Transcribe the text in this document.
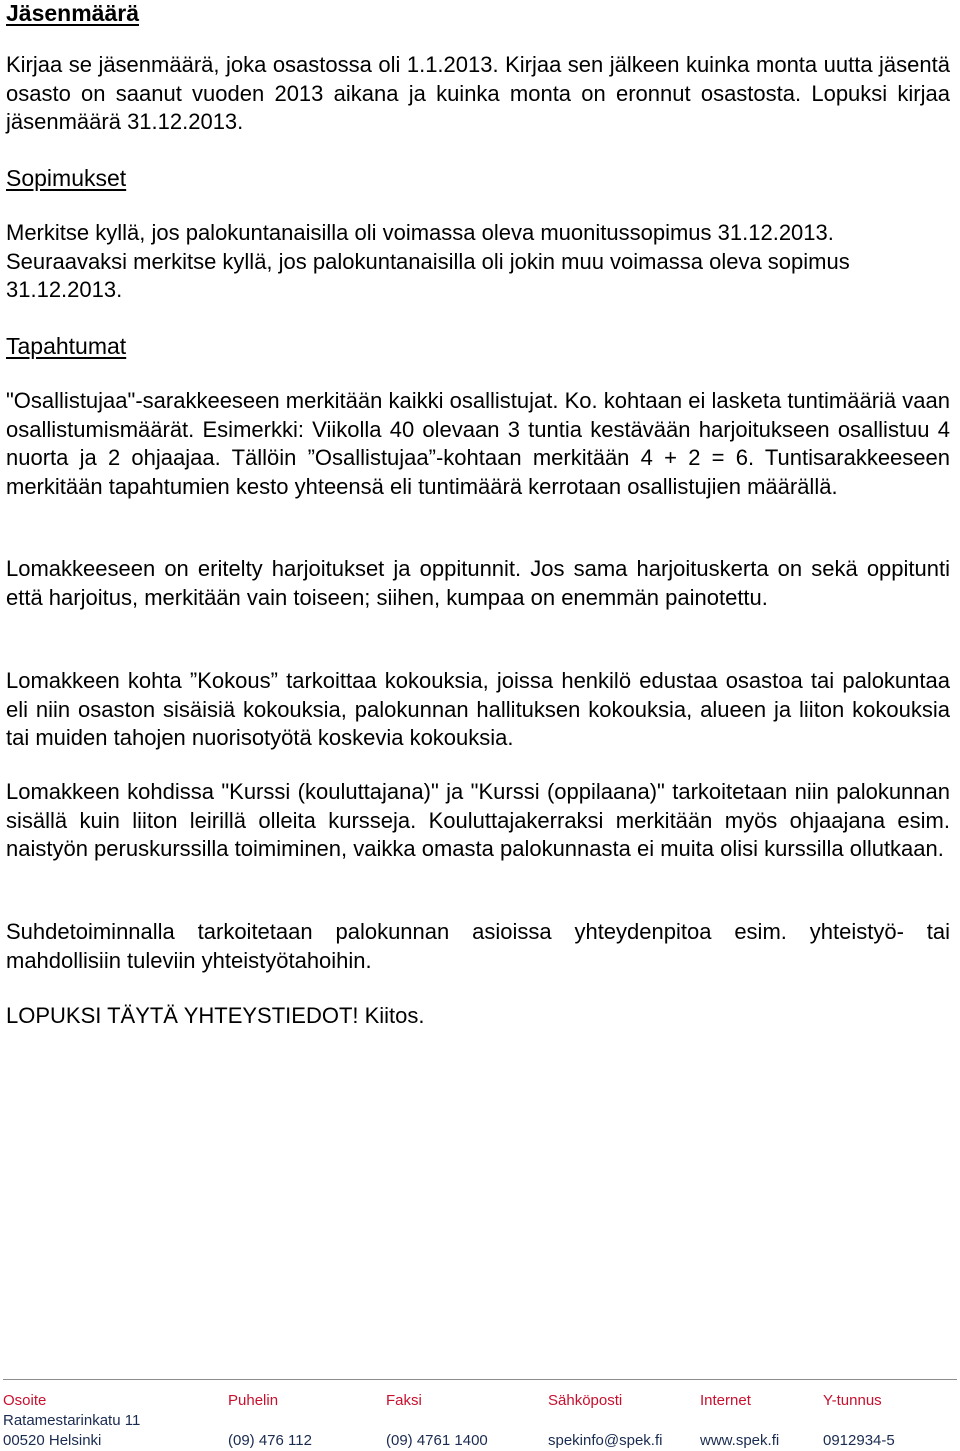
Jäsenmäärä

Kirjaa se jäsenmäärä, joka osastossa oli 1.1.2013. Kirjaa sen jälkeen kuinka monta uutta jäsentä osasto on saanut vuoden 2013 aikana ja kuinka monta on eronnut osastosta. Lopuksi kirjaa jäsenmäärä 31.12.2013.

Sopimukset

Merkitse kyllä, jos palokuntanaisilla oli voimassa oleva muonitussopimus 31.12.2013. Seuraavaksi merkitse kyllä, jos palokuntanaisilla oli jokin muu voimassa oleva sopimus 31.12.2013.

Tapahtumat

"Osallistujaa"-sarakkeeseen merkitään kaikki osallistujat. Ko. kohtaan ei lasketa tuntimääriä vaan osallistumismäärät. Esimerkki: Viikolla 40 olevaan 3 tuntia kestävään harjoitukseen osallistuu 4 nuorta ja 2 ohjaajaa. Tällöin ”Osallistujaa”-kohtaan merkitään 4 + 2 = 6. Tuntisarakkeeseen merkitään tapahtumien kesto yhteensä eli tuntimäärä kerrotaan osallistujien määrällä.

Lomakkeeseen on eritelty harjoitukset ja oppitunnit. Jos sama harjoituskerta on sekä oppitunti että harjoitus, merkitään vain toiseen; siihen, kumpaa on enemmän painotettu.

Lomakkeen kohta ”Kokous” tarkoittaa kokouksia, joissa henkilö edustaa osastoa tai palokuntaa eli niin osaston sisäisiä kokouksia, palokunnan hallituksen kokouksia, alueen ja liiton kokouksia tai muiden tahojen nuorisotyötä koskevia kokouksia.

Lomakkeen kohdissa "Kurssi (kouluttajana)" ja "Kurssi (oppilaana)" tarkoitetaan niin palokunnan sisällä kuin liiton leirillä olleita kursseja. Kouluttajakerraksi merkitään myös ohjaajana esim. naistyön peruskurssilla toimiminen, vaikka omasta palokunnasta ei muita olisi kurssilla ollutkaan.

Suhdetoiminnalla tarkoitetaan palokunnan asioissa yhteydenpitoa esim. yhteistyö- tai mahdollisiin tuleviin yhteistyötahoihin.

LOPUKSI TÄYTÄ YHTEYSTIEDOT! Kiitos.

Osoite
Ratamestarinkatu 11
00520 Helsinki
Puhelin
(09) 476 112
Faksi
(09) 4761 1400
Sähköposti
spekinfo@spek.fi
Internet
www.spek.fi
Y-tunnus
0912934-5
